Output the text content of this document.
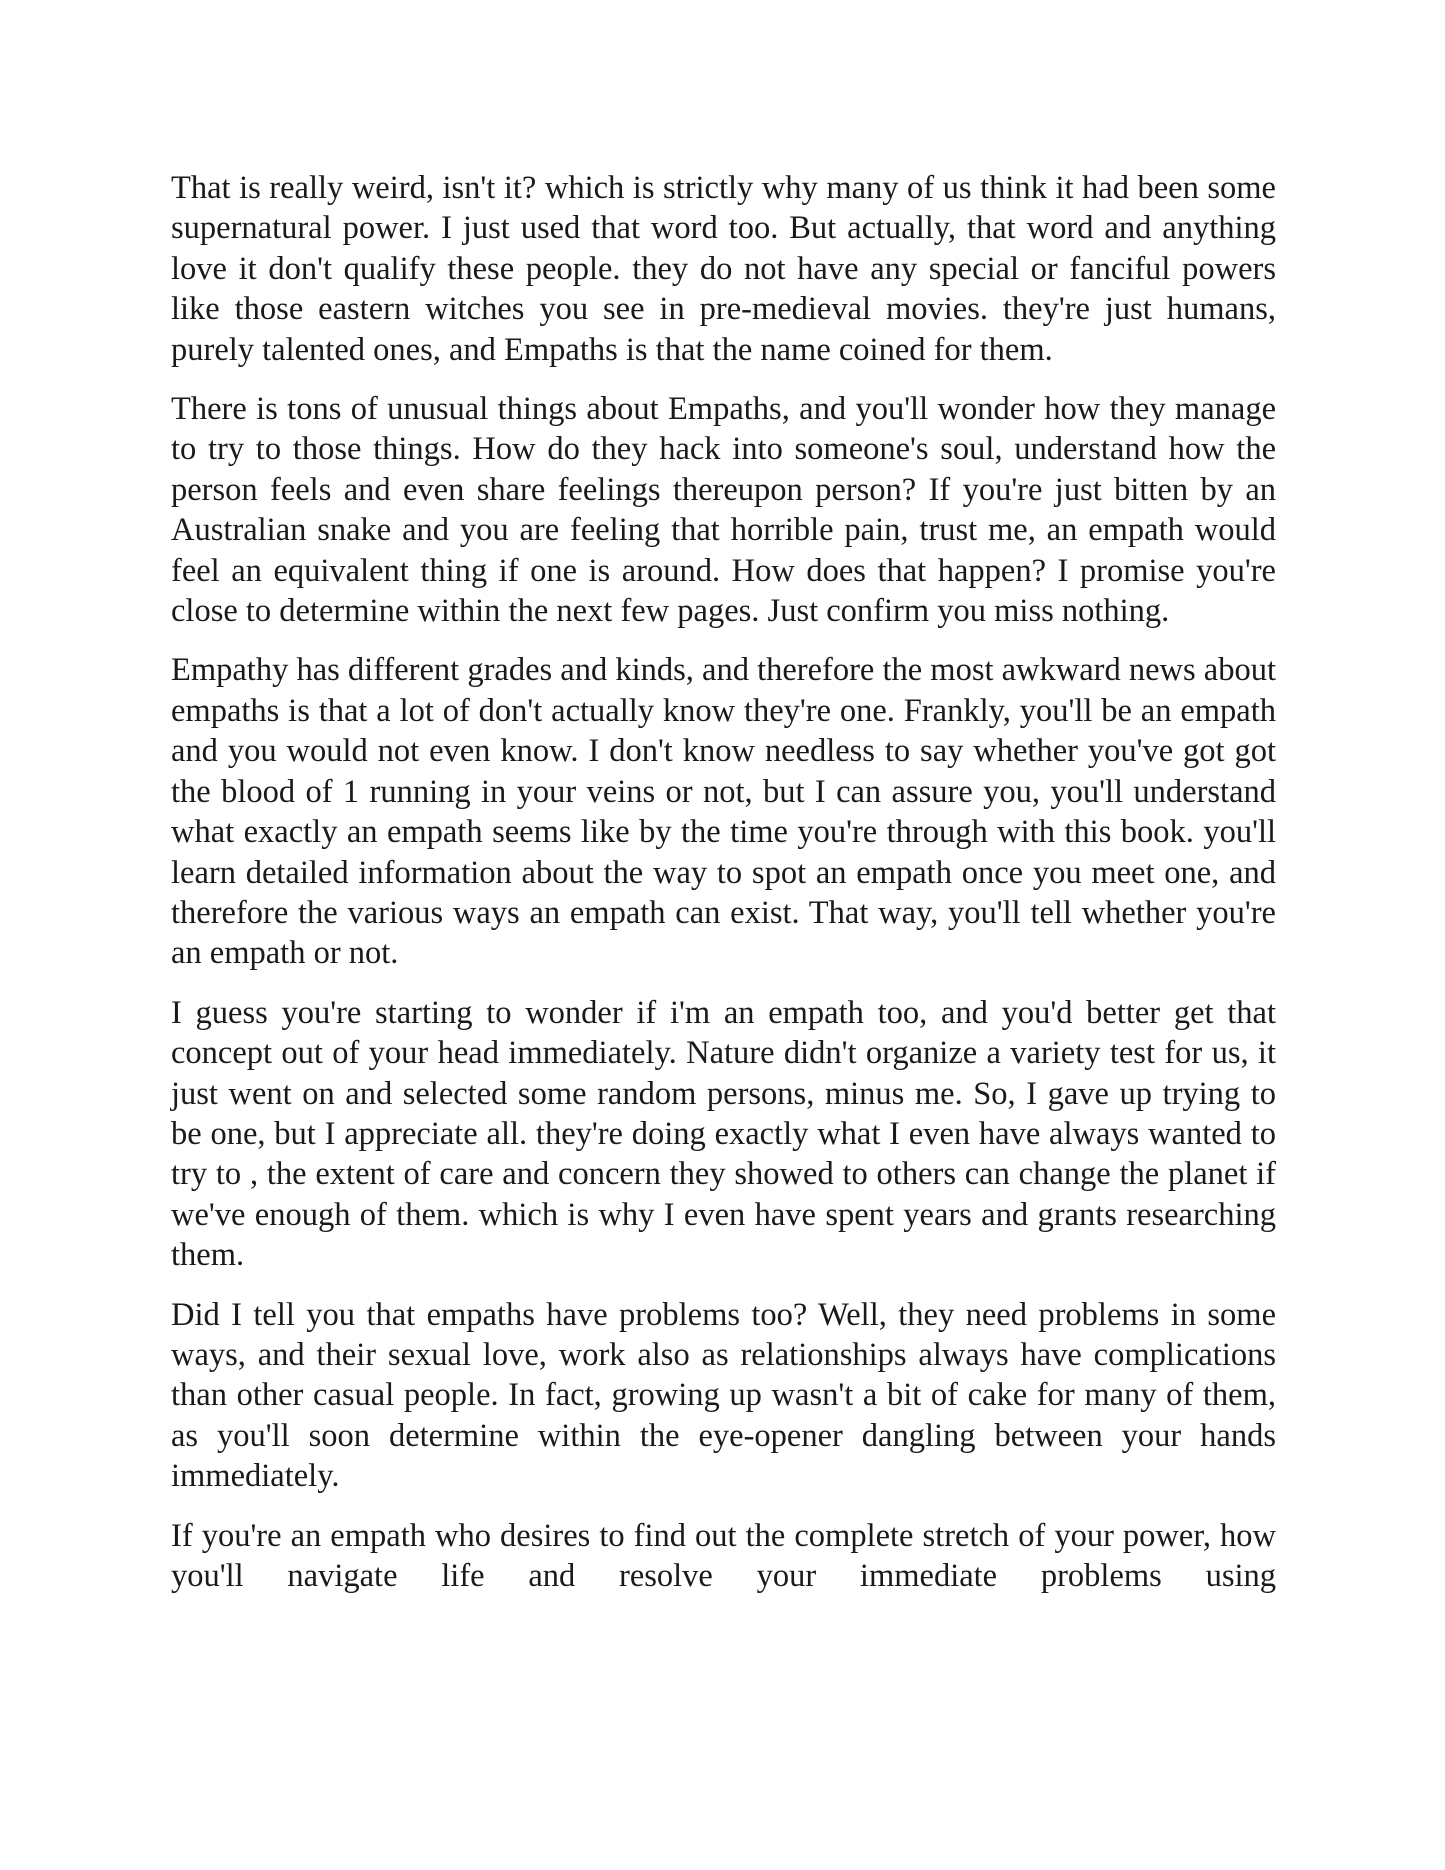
That is really weird, isn't it? which is strictly why many of us think it had been some supernatural power. I just used that word too. But actually, that word and anything love it don't qualify these people. they do not have any special or fanciful powers like those eastern witches you see in pre-medieval movies. they're just humans, purely talented ones, and Empaths is that the name coined for them.

There is tons of unusual things about Empaths, and you'll wonder how they manage to try to those things. How do they hack into someone's soul, understand how the person feels and even share feelings thereupon person? If you're just bitten by an Australian snake and you are feeling that horrible pain, trust me, an empath would feel an equivalent thing if one is around. How does that happen? I promise you're close to determine within the next few pages. Just confirm you miss nothing.

Empathy has different grades and kinds, and therefore the most awkward news about empaths is that a lot of don't actually know they're one. Frankly, you'll be an empath and you would not even know. I don't know needless to say whether you've got got the blood of 1 running in your veins or not, but I can assure you, you'll understand what exactly an empath seems like by the time you're through with this book. you'll learn detailed information about the way to spot an empath once you meet one, and therefore the various ways an empath can exist. That way, you'll tell whether you're an empath or not.

I guess you're starting to wonder if i'm an empath too, and you'd better get that concept out of your head immediately. Nature didn't organize a variety test for us, it just went on and selected some random persons, minus me. So, I gave up trying to be one, but I appreciate all. they're doing exactly what I even have always wanted to try to , the extent of care and concern they showed to others can change the planet if we've enough of them. which is why I even have spent years and grants researching them.

Did I tell you that empaths have problems too? Well, they need problems in some ways, and their sexual love, work also as relationships always have complications than other casual people. In fact, growing up wasn't a bit of cake for many of them, as you'll soon determine within the eye-opener dangling between your hands immediately.

If you're an empath who desires to find out the complete stretch of your power, how you'll navigate life and resolve your immediate problems using
